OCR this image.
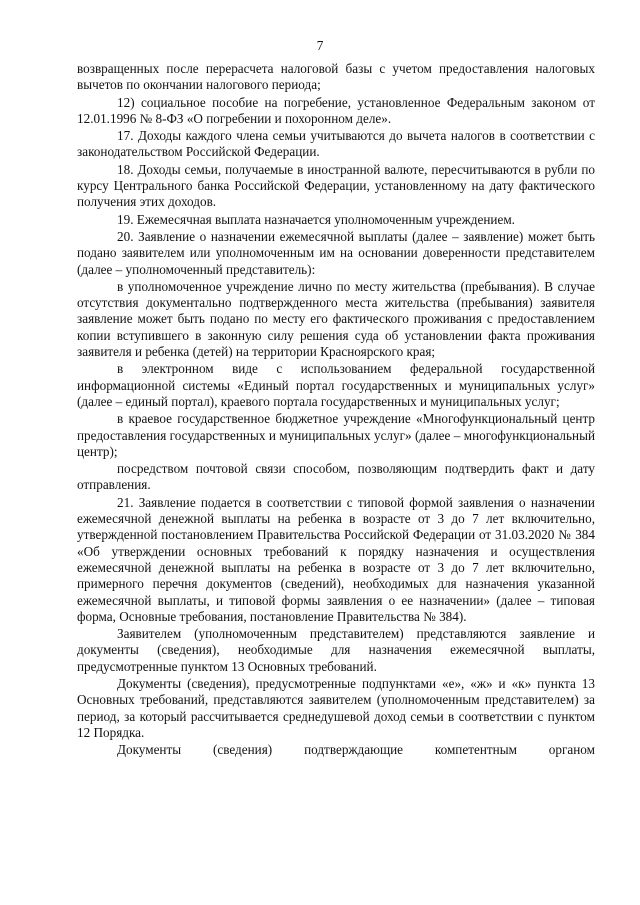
7

возвращенных после перерасчета налоговой базы с учетом предоставления налоговых вычетов по окончании налогового периода;

12) социальное пособие на погребение, установленное Федеральным законом от 12.01.1996 № 8-ФЗ «О погребении и похоронном деле».

17. Доходы каждого члена семьи учитываются до вычета налогов в соответствии с законодательством Российской Федерации.

18. Доходы семьи, получаемые в иностранной валюте, пересчитываются в рубли по курсу Центрального банка Российской Федерации, установленному на дату фактического получения этих доходов.

19. Ежемесячная выплата назначается уполномоченным учреждением.

20. Заявление о назначении ежемесячной выплаты (далее – заявление) может быть подано заявителем или уполномоченным им на основании доверенности представителем (далее – уполномоченный представитель):

в уполномоченное учреждение лично по месту жительства (пребывания). В случае отсутствия документально подтвержденного места жительства (пребывания) заявителя заявление может быть подано по месту его фактического проживания с предоставлением копии вступившего в законную силу решения суда об установлении факта проживания заявителя и ребенка (детей) на территории Красноярского края;

в электронном виде с использованием федеральной государственной информационной системы «Единый портал государственных и муниципальных услуг» (далее – единый портал), краевого портала государственных и муниципальных услуг;

в краевое государственное бюджетное учреждение «Многофункциональный центр предоставления государственных и муниципальных услуг» (далее – многофункциональный центр);

посредством почтовой связи способом, позволяющим подтвердить факт и дату отправления.

21. Заявление подается в соответствии с типовой формой заявления о назначении ежемесячной денежной выплаты на ребенка в возрасте от 3 до 7 лет включительно, утвержденной постановлением Правительства Российской Федерации от 31.03.2020 № 384 «Об утверждении основных требований к порядку назначения и осуществления ежемесячной денежной выплаты на ребенка в возрасте от 3 до 7 лет включительно, примерного перечня документов (сведений), необходимых для назначения указанной ежемесячной выплаты, и типовой формы заявления о ее назначении» (далее – типовая форма, Основные требования, постановление Правительства № 384).

Заявителем (уполномоченным представителем) представляются заявление и документы (сведения), необходимые для назначения ежемесячной выплаты, предусмотренные пунктом 13 Основных требований.

Документы (сведения), предусмотренные подпунктами «е», «ж» и «к» пункта 13 Основных требований, представляются заявителем (уполномоченным представителем) за период, за который рассчитывается среднедушевой доход семьи в соответствии с пунктом 12 Порядка.

Документы (сведения) подтверждающие компетентным органом
